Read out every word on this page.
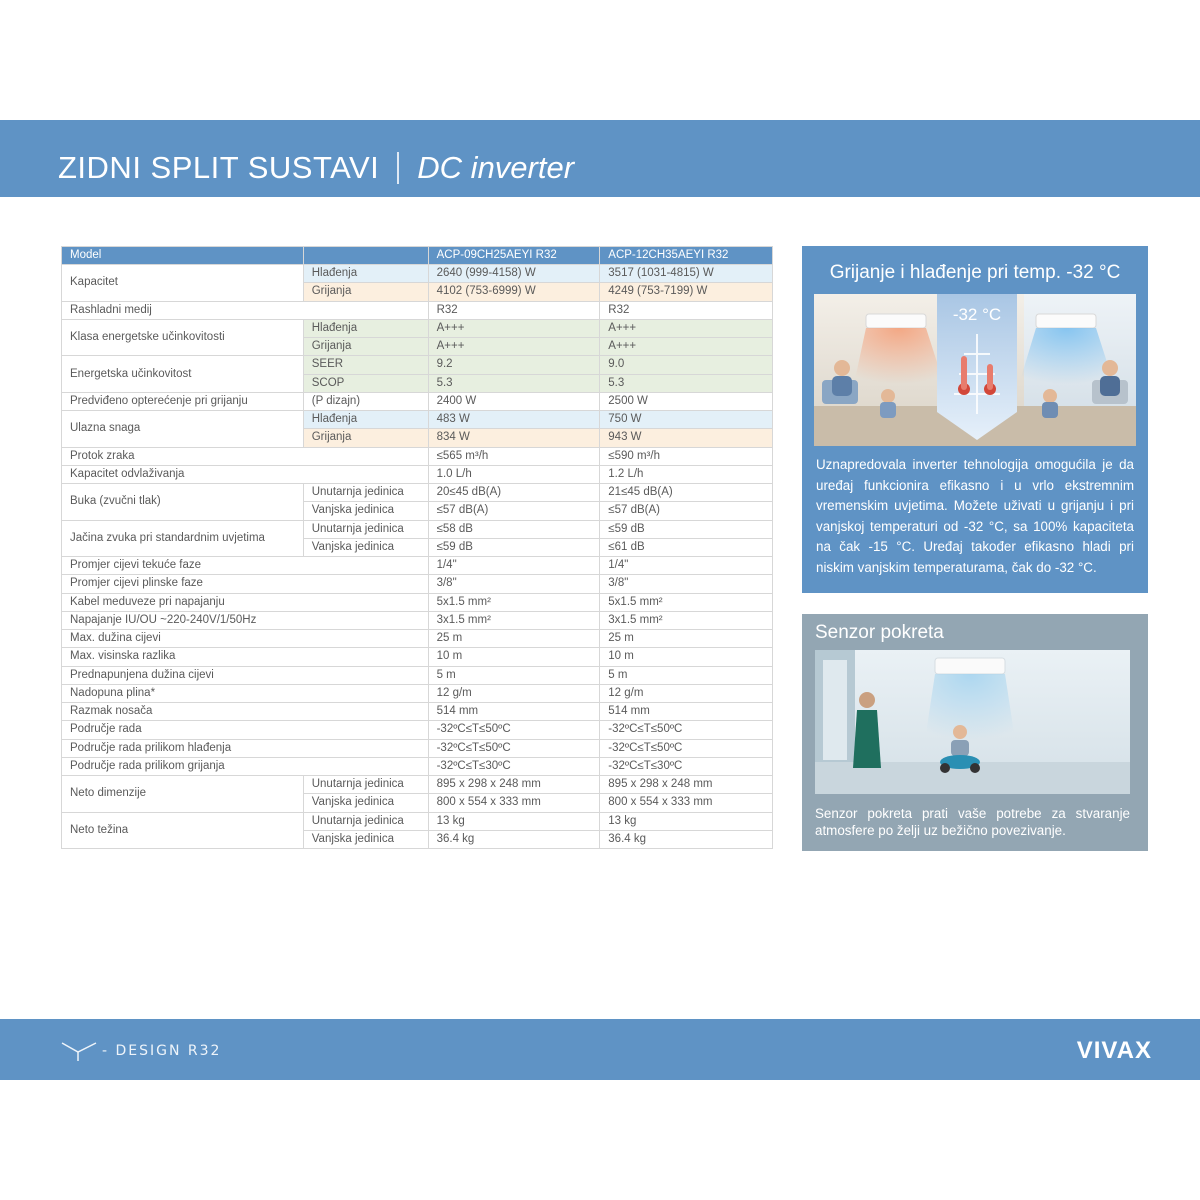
ZIDNI SPLIT SUSTAVI DC inverter
Model		ACP-09CH25AEYI R32	ACP-12CH35AEYI R32
Kapacitet	Hlađenja	2640 (999-4158) W	3517 (1031-4815) W
	Grijanja	4102 (753-6999) W	4249 (753-7199) W
Rashladni medij		R32	R32
Klasa energetske učinkovitosti	Hlađenja	A+++	A+++
	Grijanja	A+++	A+++
Energetska učinkovitost	SEER	9.2	9.0
	SCOP	5.3	5.3
Predviđeno opterećenje pri grijanju	(P dizajn)	2400 W	2500 W
Ulazna snaga	Hlađenja	483 W	750 W
	Grijanja	834 W	943 W
Protok zraka		≤565 m³/h	≤590 m³/h
Kapacitet odvlaživanja		1.0 L/h	1.2 L/h
Buka (zvučni tlak)	Unutarnja jedinica	20≤45 dB(A)	21≤45 dB(A)
	Vanjska jedinica	≤57 dB(A)	≤57 dB(A)
Jačina zvuka pri standardnim uvjetima	Unutarnja jedinica	≤58 dB	≤59 dB
	Vanjska jedinica	≤59 dB	≤61 dB
Promjer cijevi tekuće faze		1/4"	1/4"
Promjer cijevi plinske faze		3/8"	3/8"
Kabel meduveze pri napajanju		5x1.5 mm²	5x1.5 mm²
Napajanje IU/OU ~220-240V/1/50Hz		3x1.5 mm²	3x1.5 mm²
Max. dužina cijevi		25 m	25 m
Max. visinska razlika		10 m	10 m
Prednapunjena dužina cijevi		5 m	5 m
Nadopuna plina*		12 g/m	12 g/m
Razmak nosača		514 mm	514 mm
Područje rada		-32ºC≤T≤50ºC	-32ºC≤T≤50ºC
Područje rada prilikom hlađenja		-32ºC≤T≤50ºC	-32ºC≤T≤50ºC
Područje rada prilikom grijanja		-32ºC≤T≤30ºC	-32ºC≤T≤30ºC
Neto dimenzije	Unutarnja jedinica	895 x 298 x 248 mm	895 x 298 x 248 mm
	Vanjska jedinica	800 x 554 x 333 mm	800 x 554 x 333 mm
Neto težina	Unutarnja jedinica	13 kg	13 kg
	Vanjska jedinica	36.4 kg	36.4 kg
Grijanje i hlađenje pri temp. -32 °C
-32 °C
Uznapredovala inverter tehnologija omogućila je da uređaj funkcionira efikasno i u vrlo ekstremnim vremenskim uvjetima. Možete uživati u grijanju i pri vanjskoj temperaturi od -32 °C, sa 100% kapaciteta na čak -15 °C. Uređaj također efikasno hladi pri niskim vanjskim temperaturama, čak do -32 °C.
Senzor pokreta
Senzor pokreta prati vaše potrebe za stvaranje atmosfere po želji uz bežično povezivanje.
- DESIGN R32	VIVAX
